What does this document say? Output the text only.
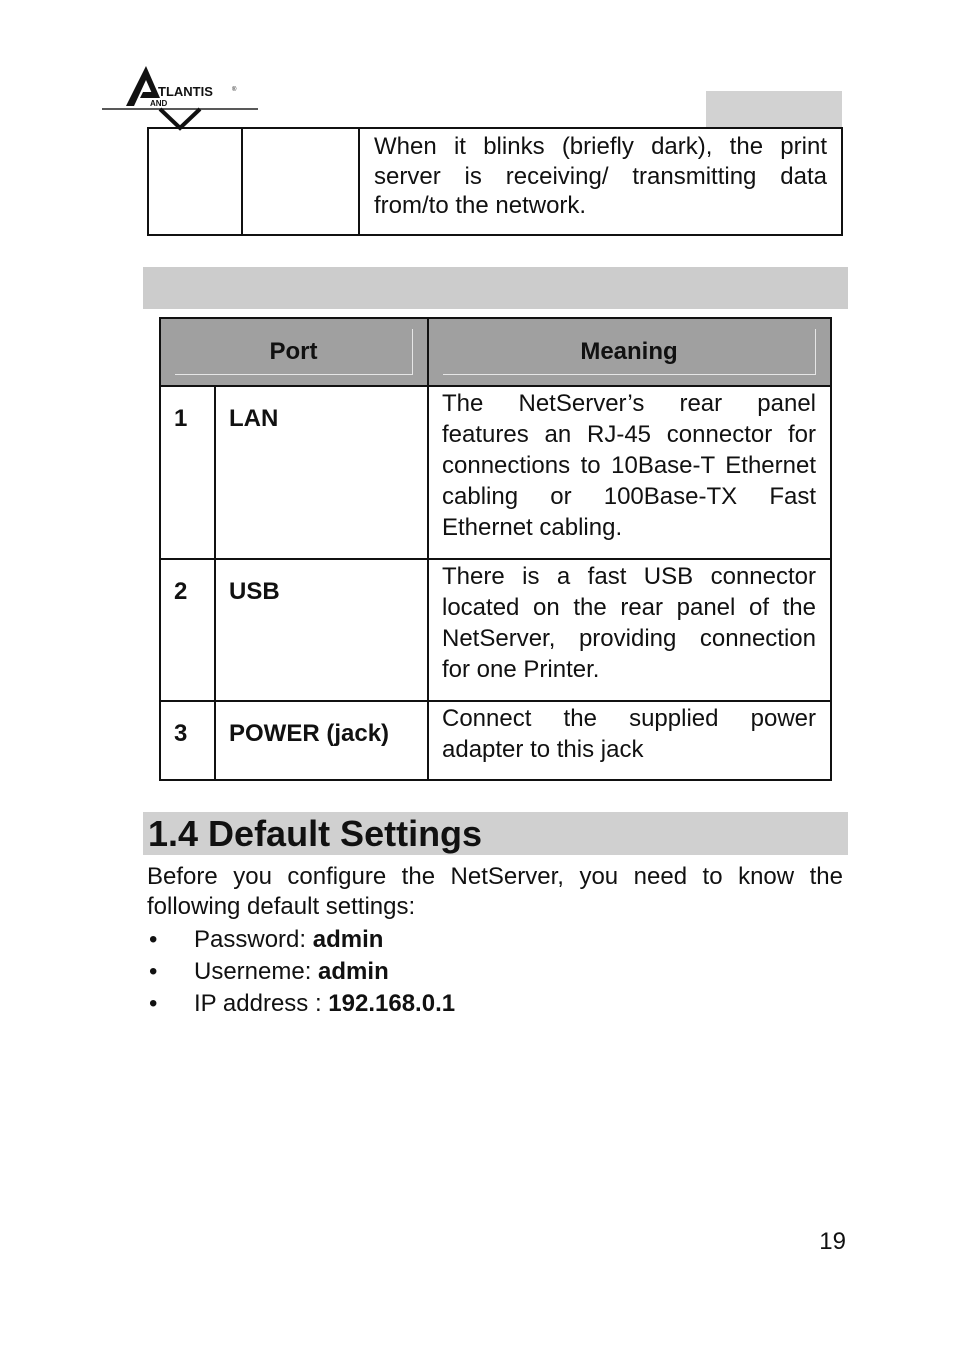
TLANTIS	®
AND

When it blinks (briefly dark), the print server is receiving/ transmitting data from/to the network.
Port		Meaning

1	LAN	The NetServer’s rear panel features an RJ-45 connector for connections to 10Base-T Ethernet cabling or 100Base-TX Fast Ethernet cabling.
2	USB	There is a fast USB connector located on the rear panel of the NetServer, providing connection for one Printer.
3	POWER (jack)	Connect the supplied power adapter to this jack
1.4 Default Settings

Before you configure the NetServer, you need to know the following default settings:

• Password: admin
• Userneme: admin
• IP address : 192.168.0.1
19
